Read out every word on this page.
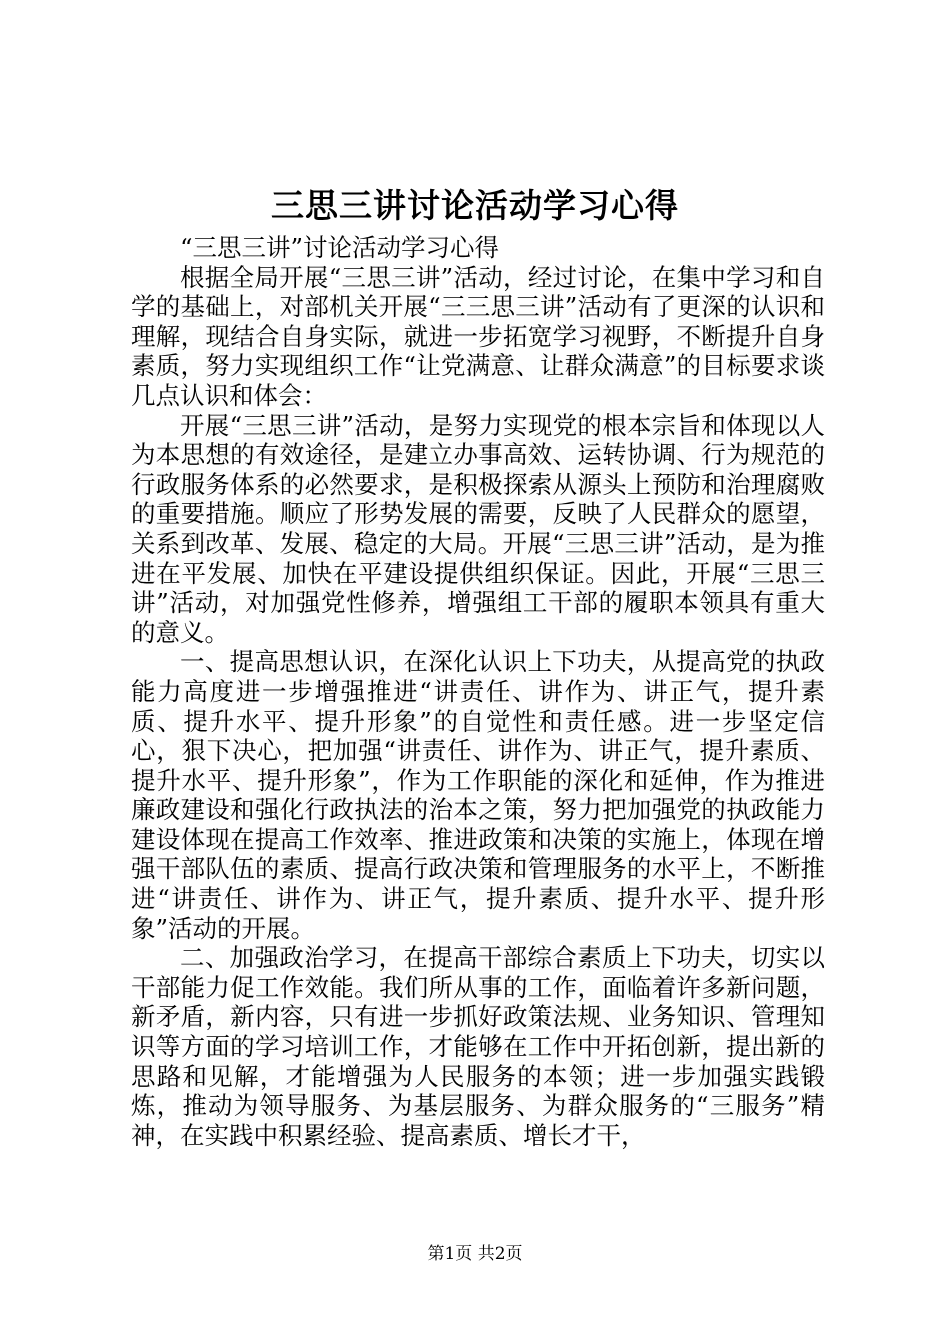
三思三讲讨论活动学习心得

“三思三讲”讨论活动学习心得

根据全局开展“三思三讲”活动，经过讨论，在集中学习和自学的基础上，对部机关开展“三三思三讲”活动有了更深的认识和理解，现结合自身实际，就进一步拓宽学习视野，不断提升自身素质，努力实现组织工作“让党满意、让群众满意”的目标要求谈几点认识和体会：

开展“三思三讲”活动，是努力实现党的根本宗旨和体现以人为本思想的有效途径，是建立办事高效、运转协调、行为规范的行政服务体系的必然要求，是积极探索从源头上预防和治理腐败的重要措施。顺应了形势发展的需要，反映了人民群众的愿望，关系到改革、发展、稳定的大局。开展“三思三讲”活动，是为推进在平发展、加快在平建设提供组织保证。因此，开展“三思三讲”活动，对加强党性修养，增强组工干部的履职本领具有重大的意义。

一、提高思想认识，在深化认识上下功夫，从提高党的执政能力高度进一步增强推进“讲责任、讲作为、讲正气，提升素质、提升水平、提升形象”的自觉性和责任感。进一步坚定信心，狠下决心，把加强“讲责任、讲作为、讲正气，提升素质、提升水平、提升形象”，作为工作职能的深化和延伸，作为推进廉政建设和强化行政执法的治本之策，努力把加强党的执政能力建设体现在提高工作效率、推进政策和决策的实施上，体现在增强干部队伍的素质、提高行政决策和管理服务的水平上，不断推进“讲责任、讲作为、讲正气，提升素质、提升水平、提升形象”活动的开展。

二、加强政治学习，在提高干部综合素质上下功夫，切实以干部能力促工作效能。我们所从事的工作，面临着许多新问题，新矛盾，新内容，只有进一步抓好政策法规、业务知识、管理知识等方面的学习培训工作，才能够在工作中开拓创新，提出新的思路和见解，才能增强为人民服务的本领；进一步加强实践锻炼，推动为领导服务、为基层服务、为群众服务的“三服务”精神，在实践中积累经验、提高素质、增长才干，

第1页 共2页
